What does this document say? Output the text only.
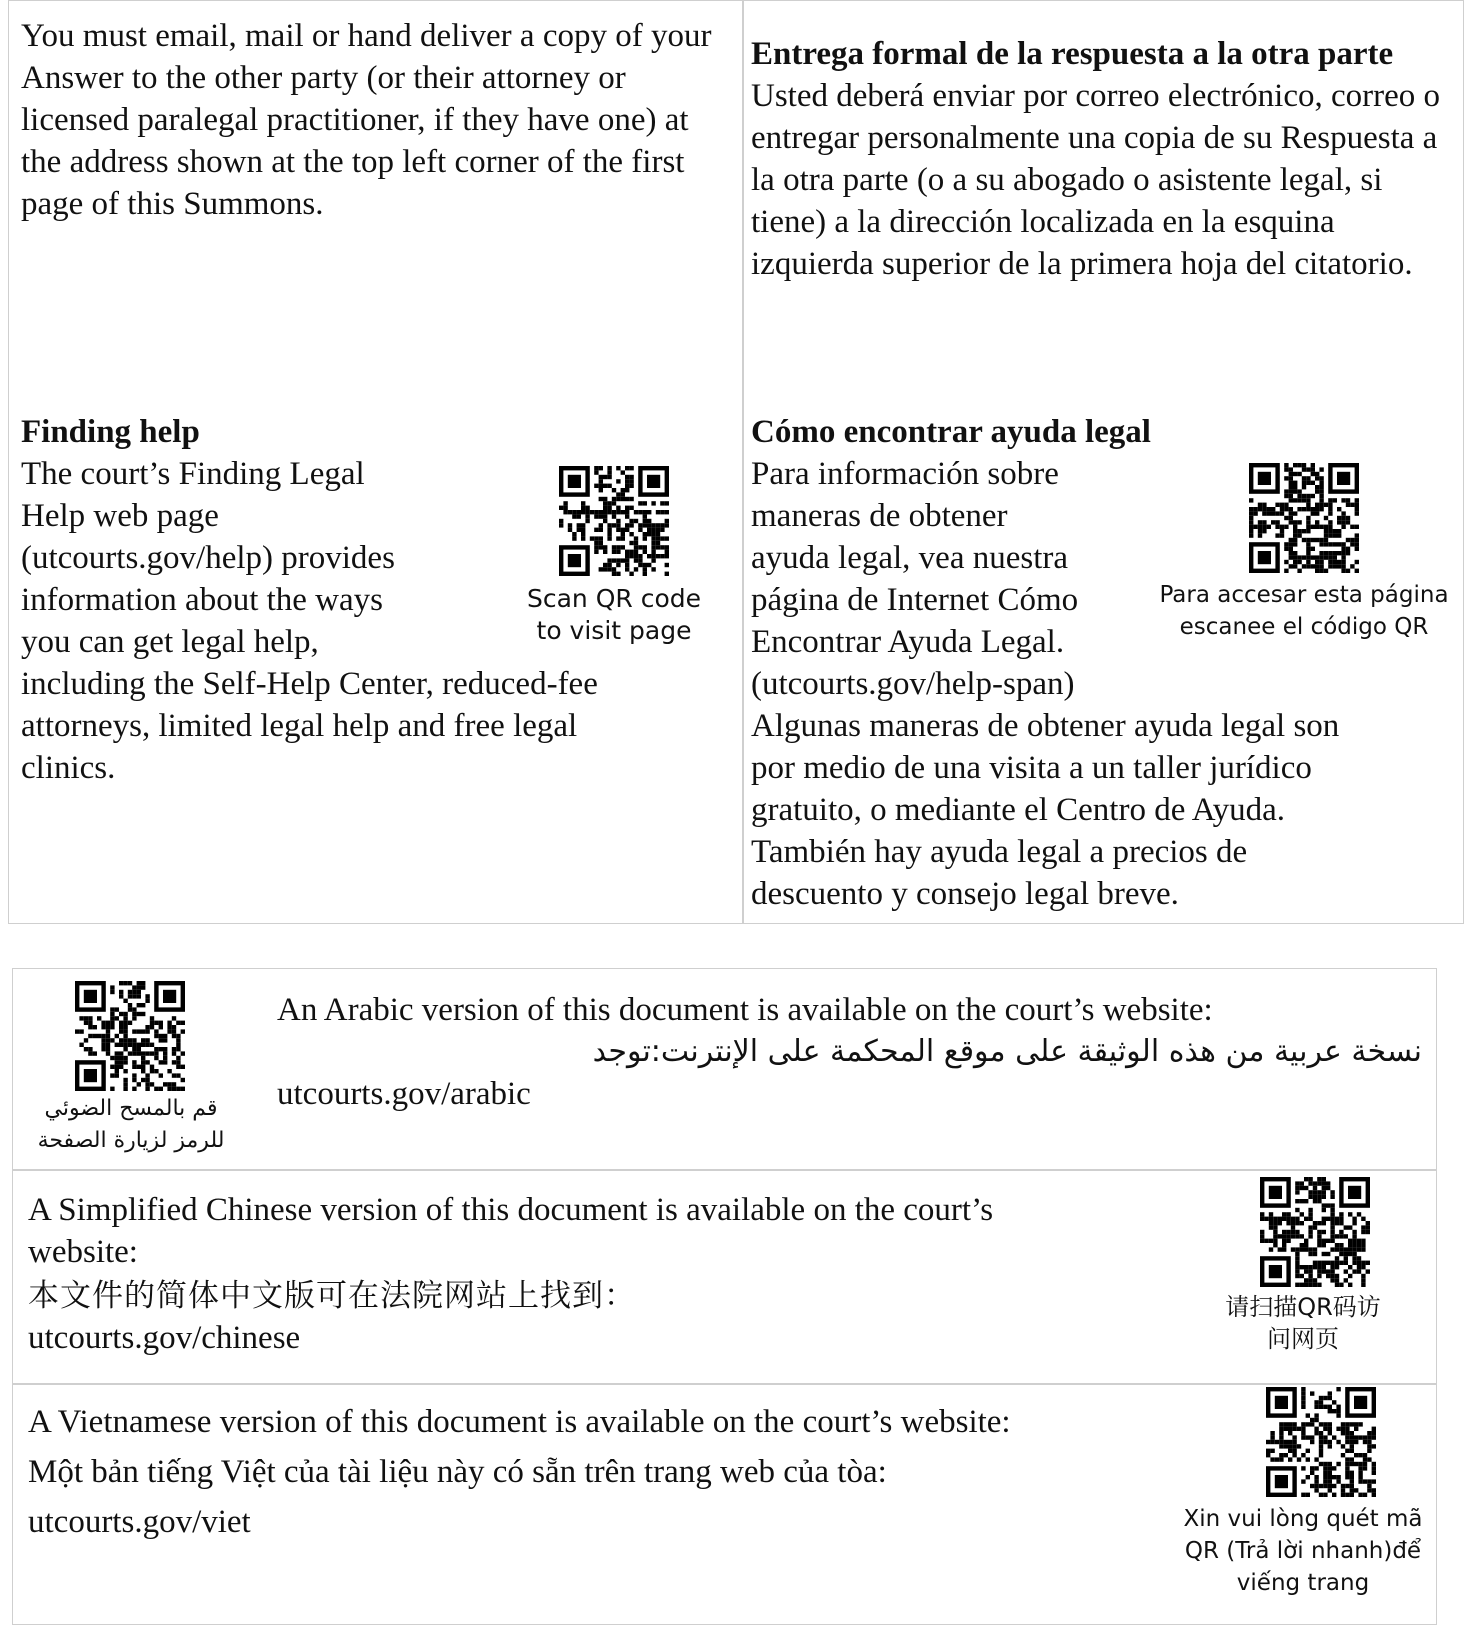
You must email, mail or hand deliver a copy of your Answer to the other party (or their attorney or licensed paralegal practitioner, if they have one) at the address shown at the top left corner of the first page of this Summons.

Entrega formal de la respuesta a la otra parte

Usted deberá enviar por correo electrónico, correo o entregar personalmente una copia de su Respuesta a la otra parte (o a su abogado o asistente legal, si tiene) a la dirección localizada en la esquina izquierda superior de la primera hoja del citatorio.

Finding help

The court’s Finding Legal

Help web page

(utcourts.gov/help) provides

information about the ways

you can get legal help,

including the Self-Help Center, reduced-fee

attorneys, limited legal help and free legal

clinics.

Scan QR code
to visit page

Cómo encontrar ayuda legal

Para información sobre

maneras de obtener

ayuda legal, vea nuestra

página de Internet Cómo

Encontrar Ayuda Legal.

(utcourts.gov/help-span)

Algunas maneras de obtener ayuda legal son

por medio de una visita a un taller jurídico

gratuito, o mediante el Centro de Ayuda.

También hay ayuda legal a precios de

descuento y consejo legal breve.

Para accesar esta página
escanee el código QR
قم بالمسح الضوئي
للرمز لزيارة الصفحة

An Arabic version of this document is available on the court’s website:

نسخة عربية من هذه الوثيقة على موقع المحكمة على الإنترنت:توجد

utcourts.gov/arabic

A Simplified Chinese version of this document is available on the court’s

website:

本文件的简体中文版可在法院网站上找到：

utcourts.gov/chinese

请扫描QR码访
问网页

A Vietnamese version of this document is available on the court’s website:

Một bản tiếng Việt của tài liệu này có sẵn trên trang web của tòa:

utcourts.gov/viet	Xin vui lòng quét mã
QR (Trả lời nhanh)để
viếng trang
